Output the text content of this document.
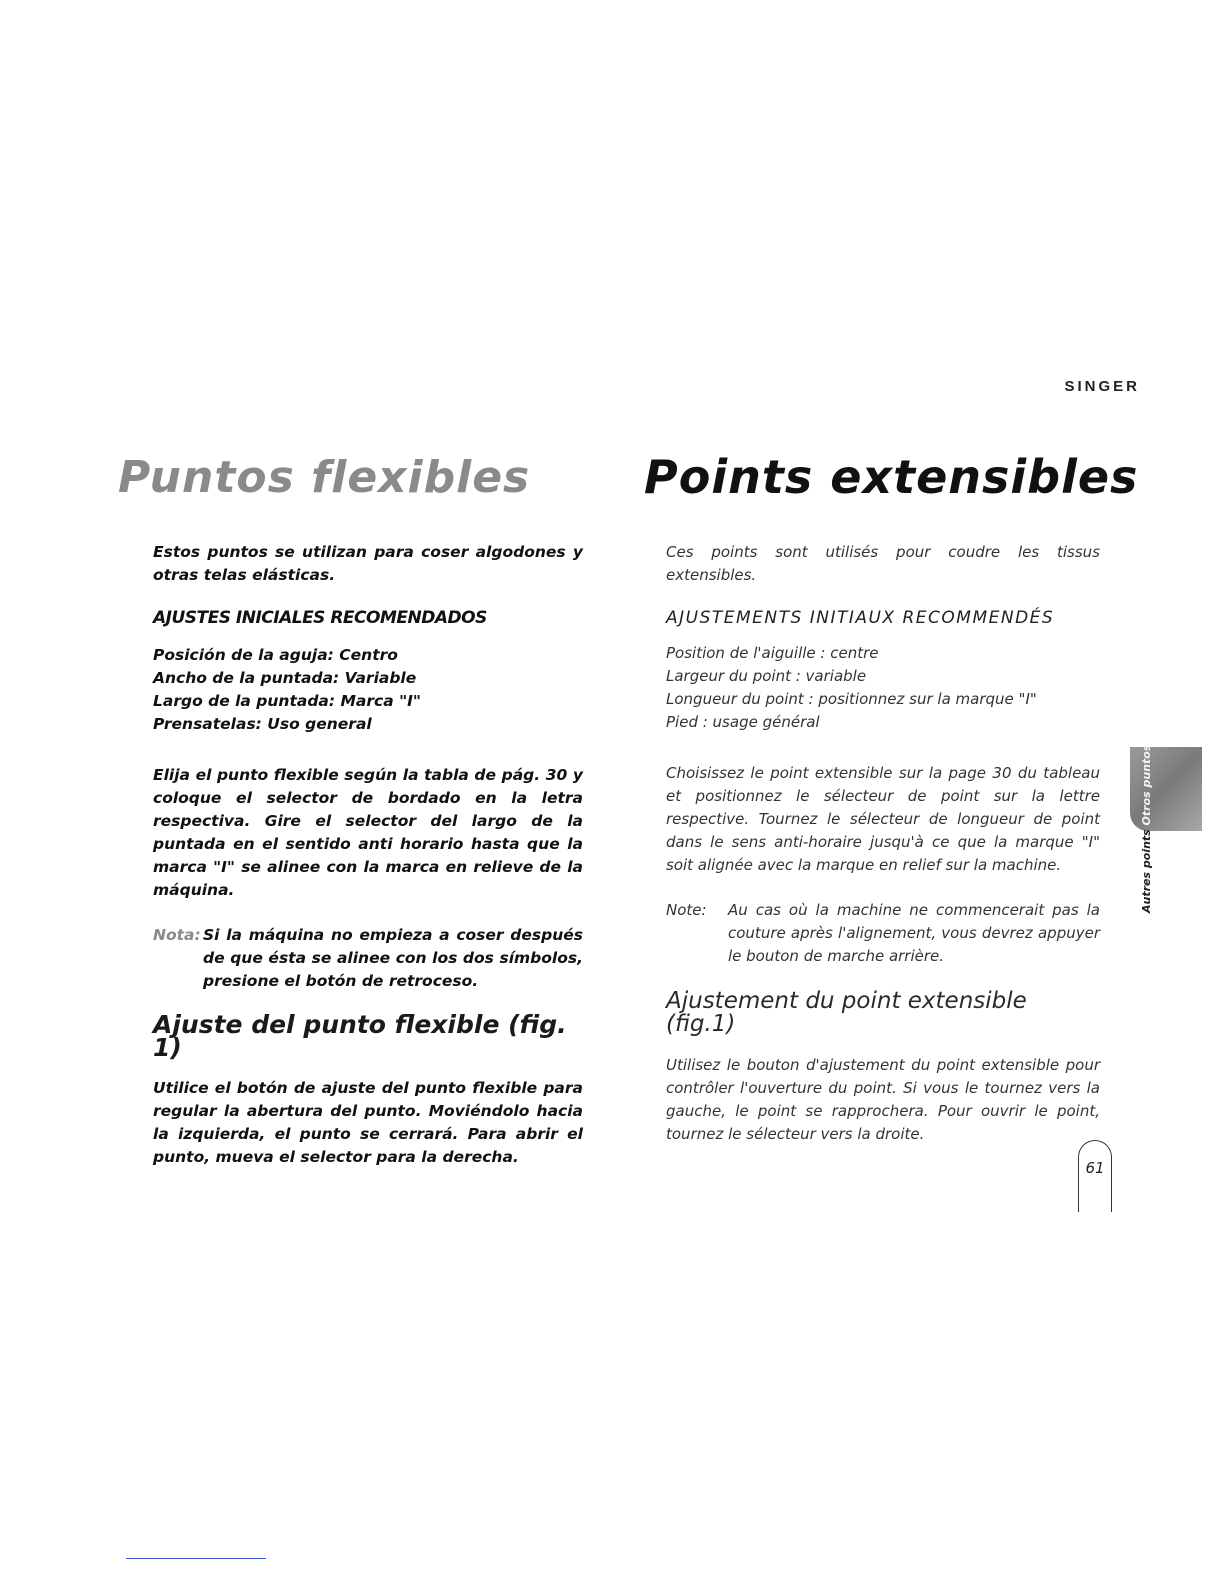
SINGER
Puntos flexibles Points extensibles

Estos puntos se utilizan para coser algodones y otras telas elásticas.

AJUSTES INICIALES RECOMENDADOS

Posición de la aguja: Centro

Ancho de la puntada: Variable

Largo de la puntada: Marca "I"

Prensatelas: Uso general

Elija el punto flexible según la tabla de pág. 30 y coloque el selector de bordado en la letra respectiva. Gire el selector del largo de la puntada en el sentido anti horario hasta que la marca "I" se alinee con la marca en relieve de la máquina.

Nota: Si la máquina no empieza a coser después de que ésta se alinee con los dos símbolos, presione el botón de retroceso.

Ajuste del punto flexible (fig. 1)

Utilice el botón de ajuste del punto flexible para regular la abertura del punto. Moviéndolo hacia la izquierda, el punto se cerrará. Para abrir el punto, mueva el selector para la derecha.

Ces points sont utilisés pour coudre les tissus extensibles.

AJUSTEMENTS INITIAUX RECOMMENDÉS

Position de l'aiguille : centre

Largeur du point : variable

Longueur du point : positionnez sur la marque "I"

Pied : usage général

Choisissez le point extensible sur la page 30 du tableau et positionnez le sélecteur de point sur la lettre respective. Tournez le sélecteur de longueur de point dans le sens anti-horaire jusqu'à ce que la marque "I" soit alignée avec la marque en relief sur la machine.

Note:	Au cas où la machine ne commencerait pas la couture après l'alignement, vous devrez appuyer le bouton de marche arrière.

Ajustement du point extensible (fig.1)

Utilisez le bouton d'ajustement du point extensible pour contrôler l'ouverture du point. Si vous le tournez vers la gauche, le point se rapprochera. Pour ouvrir le point, tournez le sélecteur vers la droite.

Autres points Otros puntos
61
